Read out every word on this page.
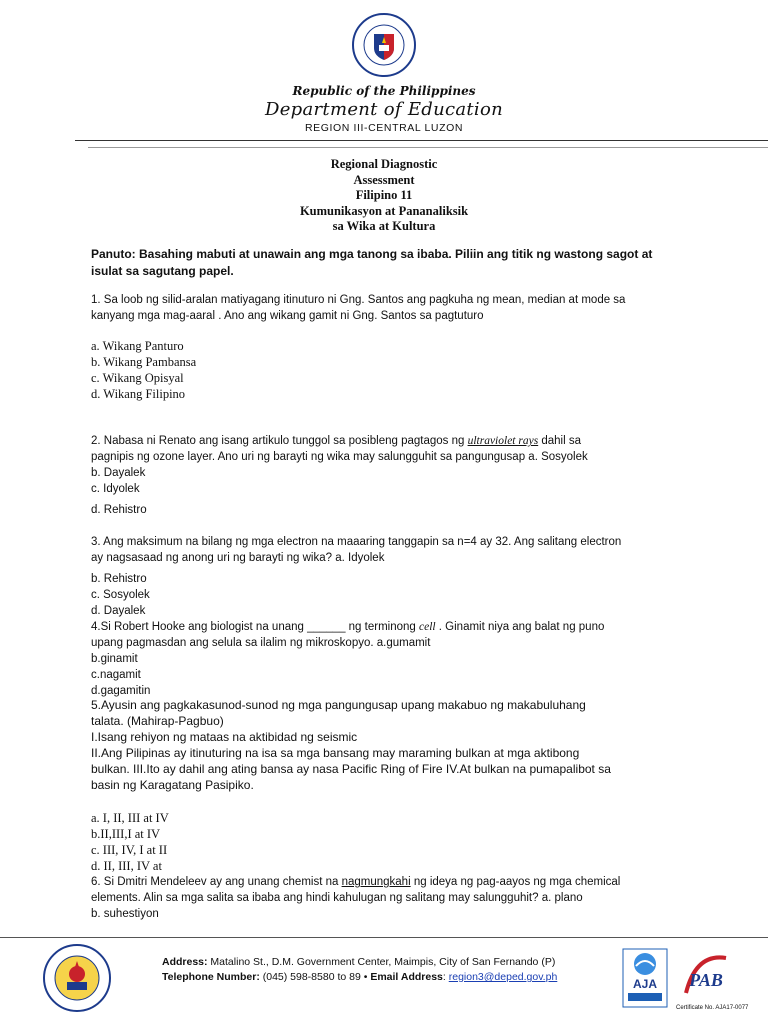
Republic of the Philippines
Department of Education
REGION III-CENTRAL LUZON
Regional Diagnostic
Assessment
Filipino 11
Kumunikasyon at Pananaliksik
sa Wika at Kultura
Panuto: Basahing mabuti at unawain ang mga tanong sa ibaba. Piliin ang titik ng wastong sagot at
isulat sa sagutang papel.
1. Sa loob ng silid-aralan matiyagang itinuturo ni Gng. Santos ang pagkuha ng mean, median at mode sa
kanyang mga mag-aaral . Ano ang wikang gamit ni Gng. Santos sa pagtuturo
a. Wikang Panturo
b. Wikang Pambansa
c. Wikang Opisyal
d. Wikang Filipino
2. Nabasa ni Renato ang isang artikulo tunggol sa posibleng pagtagos ng ultraviolet rays dahil sa
pagnipis ng ozone layer. Ano uri ng barayti ng wika may salungguhit sa pangungusap a. Sosyolek
b. Dayalek
c. Idyolek
d. Rehistro
3. Ang maksimum na bilang ng mga electron na maaaring tanggapin sa n=4 ay 32. Ang salitang electron
ay nagsasaad ng anong uri ng barayti ng wika? a. Idyolek
b. Rehistro
c. Sosyolek
d. Dayalek
4.Si Robert Hooke ang biologist na unang ______ ng terminong cell . Ginamit niya ang balat ng puno
upang pagmasdan ang selula sa ilalim ng mikroskopyo. a.gumamit
b.ginamit
c.nagamit
d.gagamitin
5.Ayusin ang pagkakasunod-sunod ng mga pangungusap upang makabuo ng makabuluhang
talata. (Mahirap-Pagbuo)
I.Isang rehiyon ng mataas na aktibidad ng seismic
II.Ang Pilipinas ay itinuturing na isa sa mga bansang may maraming bulkan at mga aktibong
bulkan. III.Ito ay dahil ang ating bansa ay nasa Pacific Ring of Fire IV.At bulkan na pumapalibot sa
basin ng Karagatang Pasipiko.
a. I, II, III at IV
b.II,III,I at IV
c. III, IV, I at II
d. II, III, IV at
6. Si Dmitri Mendeleev ay ang unang chemist na nagmungkahi ng ideya ng pag-aayos ng mga chemical
elements. Alin sa mga salita sa ibaba ang hindi kahulugan ng salitang may salungguhit? a. plano
b. suhestiyon
Address: Matalino St., D.M. Government Center, Maimpis, City of San Fernando (P)
Telephone Number: (045) 598-8580 to 89 • Email Address: region3@deped.gov.ph	AJA PAB
Certificate No. AJA17-0077
